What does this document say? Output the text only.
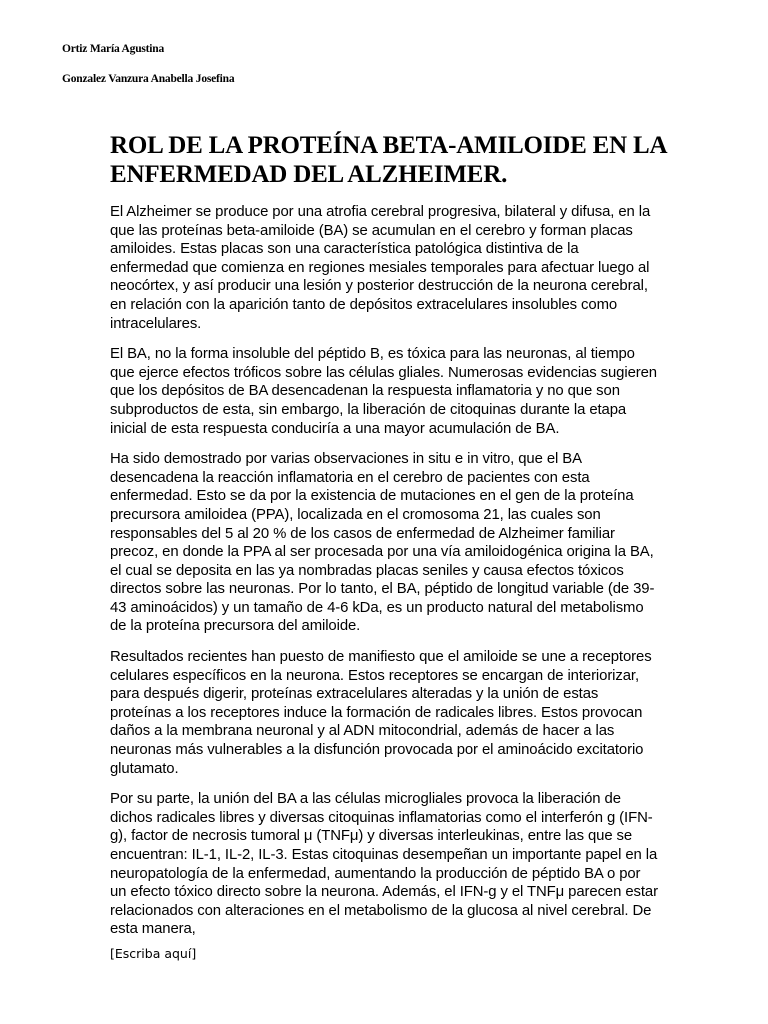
Ortiz María Agustina
Gonzalez Vanzura Anabella Josefina
ROL DE LA PROTEÍNA BETA-AMILOIDE EN LA ENFERMEDAD DEL ALZHEIMER.

El Alzheimer se produce por una atrofia cerebral progresiva, bilateral y difusa, en la que las proteínas beta-amiloide (BA) se acumulan en el cerebro y forman placas amiloides. Estas placas son una característica patológica distintiva de la enfermedad que comienza en regiones mesiales temporales para afectuar luego al neocórtex, y así producir una lesión y posterior destrucción de la neurona cerebral, en relación con la aparición tanto de depósitos extracelulares insolubles como intracelulares.

El BA, no la forma insoluble del péptido B, es tóxica para las neuronas, al tiempo que ejerce efectos tróficos sobre las células gliales. Numerosas evidencias sugieren que los depósitos de BA desencadenan la respuesta inflamatoria y no que son subproductos de esta, sin embargo, la liberación de citoquinas durante la etapa inicial de esta respuesta conduciría a una mayor acumulación de BA.

Ha sido demostrado por varias observaciones in situ e in vitro, que el BA desencadena la reacción inflamatoria en el cerebro de pacientes con esta enfermedad. Esto se da por la existencia de mutaciones en el gen de la proteína precursora amiloidea (PPA), localizada en el cromosoma 21, las cuales son responsables del 5 al 20 % de los casos de enfermedad de Alzheimer familiar precoz, en donde la PPA al ser procesada por una vía amiloidogénica origina la BA, el cual se deposita en las ya nombradas placas seniles y causa efectos tóxicos directos sobre las neuronas. Por lo tanto, el BA, péptido de longitud variable (de 39-43 aminoácidos) y un tamaño de 4-6 kDa, es un producto natural del metabolismo de la proteína precursora del amiloide.

Resultados recientes han puesto de manifiesto que el amiloide se une a receptores celulares específicos en la neurona. Estos receptores se encargan de interiorizar, para después digerir, proteínas extracelulares alteradas y la unión de estas proteínas a los receptores induce la formación de radicales libres. Estos provocan daños a la membrana neuronal y al ADN mitocondrial, además de hacer a las neuronas más vulnerables a la disfunción provocada por el aminoácido excitatorio glutamato.

Por su parte, la unión del BA a las células microgliales provoca la liberación de dichos radicales libres y diversas citoquinas inflamatorias como el interferón g (IFN-g), factor de necrosis tumoral μ (TNFμ) y diversas interleukinas, entre las que se encuentran: IL-1, IL-2, IL-3. Estas citoquinas desempeñan un importante papel en la neuropatología de la enfermedad, aumentando la producción de péptido BA o por un efecto tóxico directo sobre la neurona. Además, el IFN-g y el TNFμ parecen estar relacionados con alteraciones en el metabolismo de la glucosa al nivel cerebral. De esta manera,

[Escriba aquí]
